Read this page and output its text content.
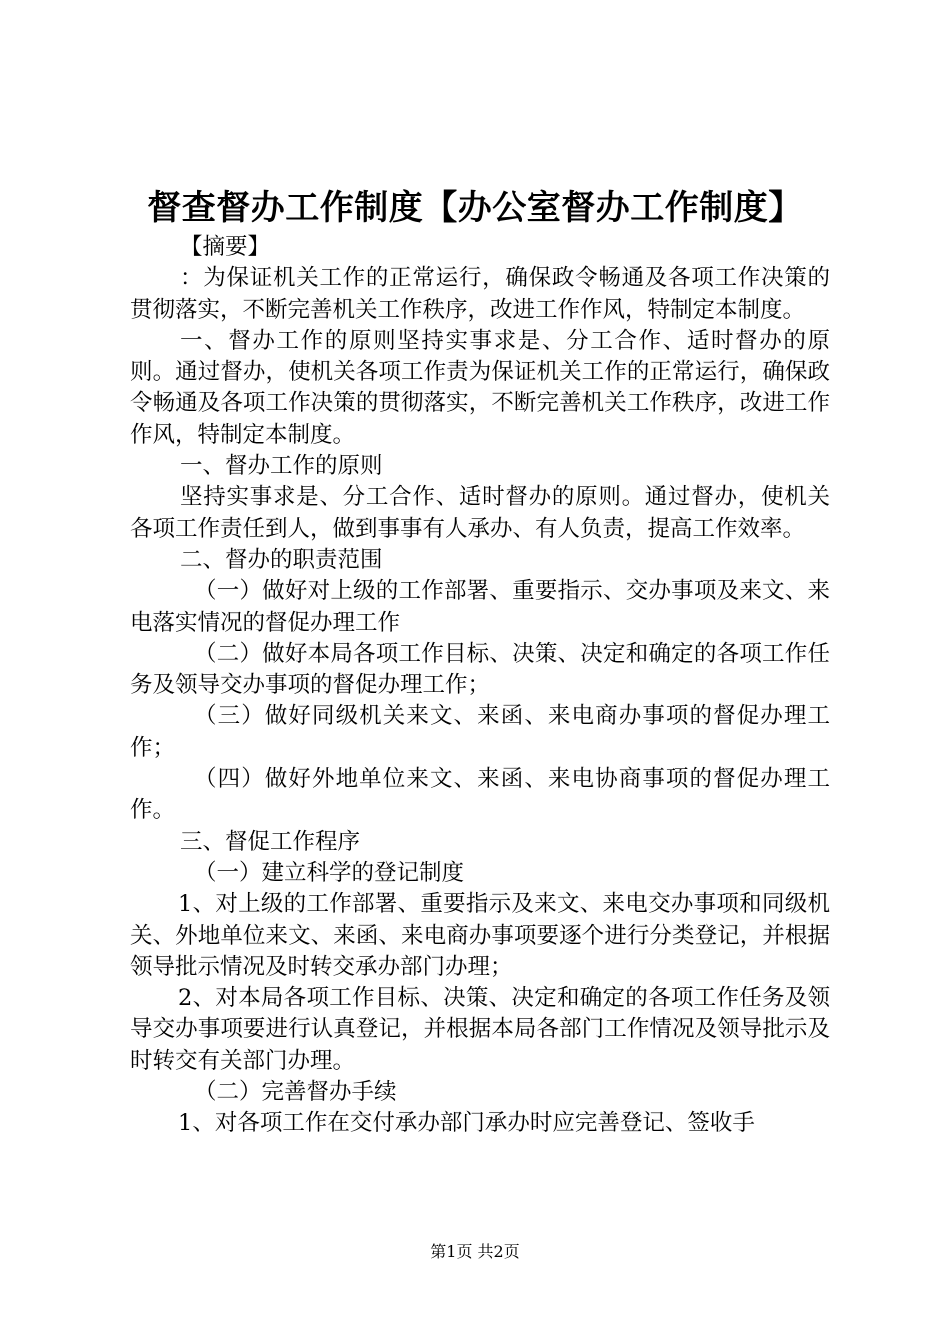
督查督办工作制度【办公室督办工作制度】

【摘要】

：为保证机关工作的正常运行，确保政令畅通及各项工作决策的贯彻落实，不断完善机关工作秩序，改进工作作风，特制定本制度。

一、督办工作的原则坚持实事求是、分工合作、适时督办的原则。通过督办，使机关各项工作责为保证机关工作的正常运行，确保政令畅通及各项工作决策的贯彻落实，不断完善机关工作秩序，改进工作作风，特制定本制度。

一、督办工作的原则

坚持实事求是、分工合作、适时督办的原则。通过督办，使机关各项工作责任到人，做到事事有人承办、有人负责，提高工作效率。

二、督办的职责范围

（一）做好对上级的工作部署、重要指示、交办事项及来文、来电落实情况的督促办理工作

（二）做好本局各项工作目标、决策、决定和确定的各项工作任务及领导交办事项的督促办理工作；

（三）做好同级机关来文、来函、来电商办事项的督促办理工作；

（四）做好外地单位来文、来函、来电协商事项的督促办理工作。

三、督促工作程序

（一）建立科学的登记制度

1、对上级的工作部署、重要指示及来文、来电交办事项和同级机关、外地单位来文、来函、来电商办事项要逐个进行分类登记，并根据领导批示情况及时转交承办部门办理；

2、对本局各项工作目标、决策、决定和确定的各项工作任务及领导交办事项要进行认真登记，并根据本局各部门工作情况及领导批示及时转交有关部门办理。

（二）完善督办手续

1、对各项工作在交付承办部门承办时应完善登记、签收手

第1页 共2页
